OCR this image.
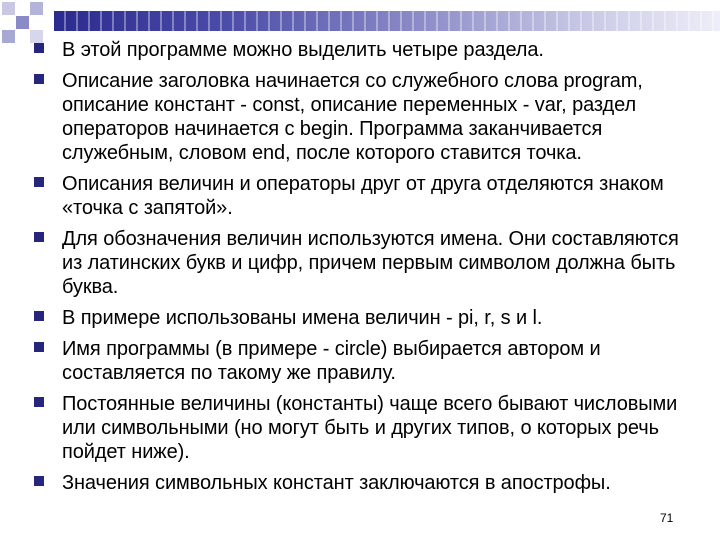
В этой программе можно выделить четыре раздела.
Описание заголовка начинается со служебного слова program, описание констант - const, описание переменных - var, раздел операторов начинается с begin. Программа заканчивается служебным, словом end, после которого ставится точка.
Описания величин и операторы друг от друга отделяются знаком «точка с запятой».
Для обозначения величин используются имена. Они составляются из латинских букв и цифр, причем первым символом должна быть буква.
В примере использованы имена величин - pi, r, s и l.
Имя программы (в примере - circle) выбирается автором и составляется по такому же правилу.
Постоянные величины (константы) чаще всего бывают числовыми или символьными (но могут быть и других типов, о которых речь пойдет ниже).
Значения символьных констант заключаются в апострофы.
71
